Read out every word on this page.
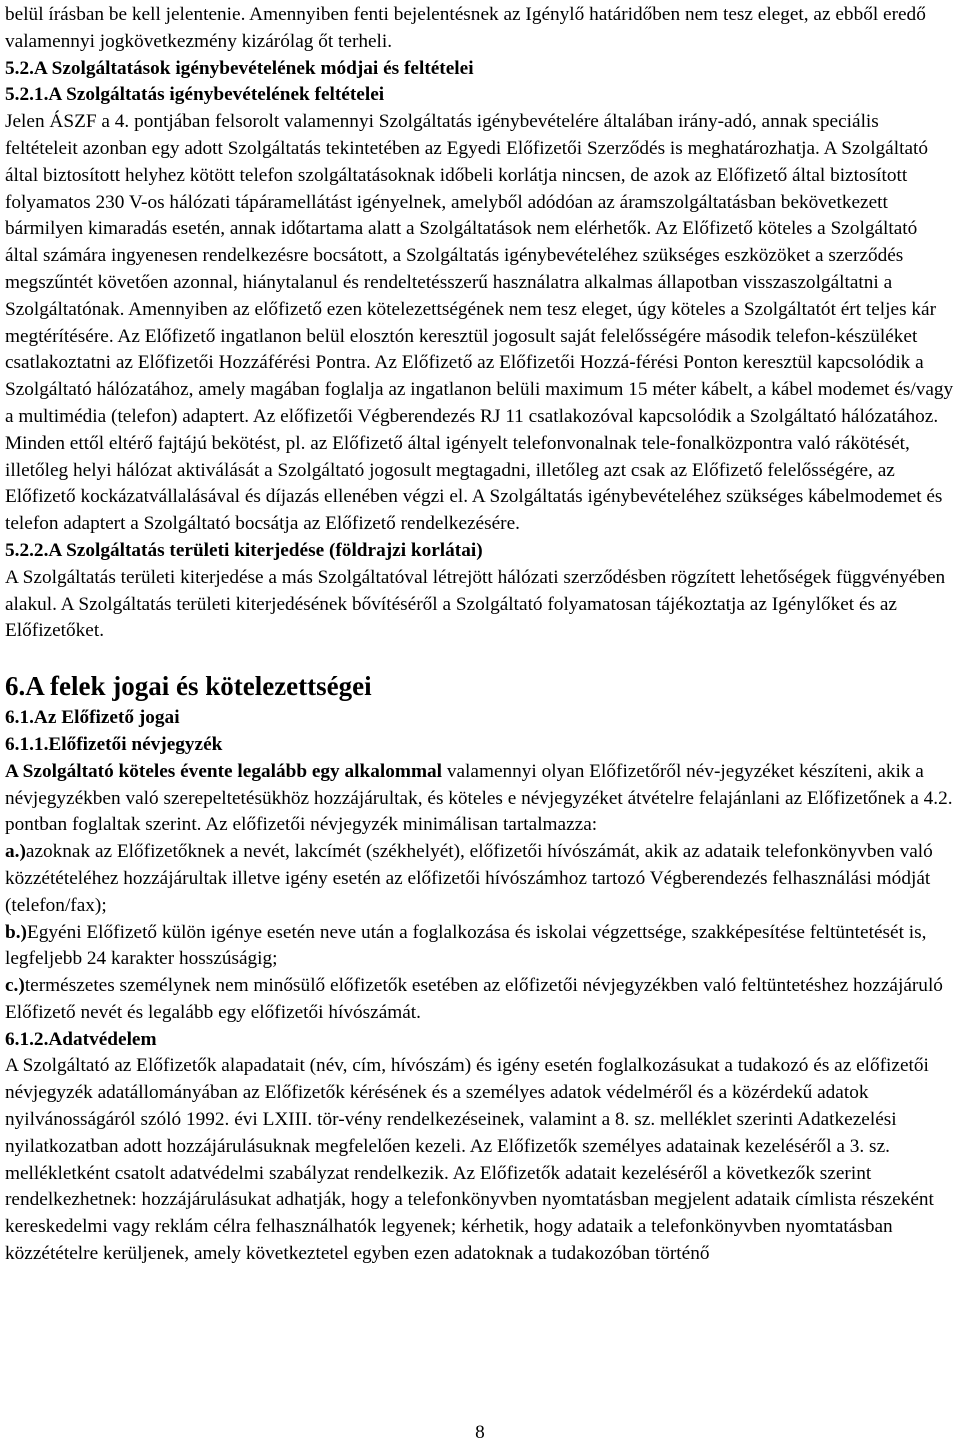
belül írásban be kell jelentenie. Amennyiben fenti bejelentésnek az Igénylő határidőben nem tesz eleget, az ebből eredő valamennyi jogkövetkezmény kizárólag őt terheli.

5.2.A Szolgáltatások igénybevételének módjai és feltételei

5.2.1.A Szolgáltatás igénybevételének feltételei

Jelen ÁSZF a 4. pontjában felsorolt valamennyi Szolgáltatás igénybevételére általában irány-adó, annak speciális feltételeit azonban egy adott Szolgáltatás tekintetében az Egyedi Előfizetői Szerződés is meghatározhatja. A Szolgáltató által biztosított helyhez kötött telefon szolgáltatásoknak időbeli korlátja nincsen, de azok az Előfizető által biztosított folyamatos 230 V-os hálózati tápáramellátást igényelnek, amelyből adódóan az áramszolgáltatásban bekövetkezett bármilyen kimaradás esetén, annak időtartama alatt a Szolgáltatások nem elérhetők. Az Előfizető köteles a Szolgáltató által számára ingyenesen rendelkezésre bocsátott, a Szolgáltatás igénybevételéhez szükséges eszközöket a szerződés megszűntét követően azonnal, hiánytalanul és rendeltetésszerű használatra alkalmas állapotban visszaszolgáltatni a Szolgáltatónak. Amennyiben az előfizető ezen kötelezettségének nem tesz eleget, úgy köteles a Szolgáltatót ért teljes kár megtérítésére. Az Előfizető ingatlanon belül elosztón keresztül jogosult saját felelősségére második telefon-készüléket csatlakoztatni az Előfizetői Hozzáférési Pontra. Az Előfizető az Előfizetői Hozzá-férési Ponton keresztül kapcsolódik a Szolgáltató hálózatához, amely magában foglalja az ingatlanon belüli maximum 15 méter kábelt, a kábel modemet és/vagy a multimédia (telefon) adaptert. Az előfizetői Végberendezés RJ 11 csatlakozóval kapcsolódik a Szolgáltató hálózatához. Minden ettől eltérő fajtájú bekötést, pl. az Előfizető által igényelt telefonvonalnak tele-fonalközpontra való rákötését, illetőleg helyi hálózat aktiválását a Szolgáltató jogosult megtagadni, illetőleg azt csak az Előfizető felelősségére, az Előfizető kockázatvállalásával és díjazás ellenében végzi el. A Szolgáltatás igénybevételéhez szükséges kábelmodemet és telefon adaptert a Szolgáltató bocsátja az Előfizető rendelkezésére.

5.2.2.A Szolgáltatás területi kiterjedése (földrajzi korlátai)

A Szolgáltatás területi kiterjedése a más Szolgáltatóval létrejött hálózati szerződésben rögzített lehetőségek függvényében alakul. A Szolgáltatás területi kiterjedésének bővítéséről a Szolgáltató folyamatosan tájékoztatja az Igénylőket és az Előfizetőket.

6.A felek jogai és kötelezettségei

6.1.Az Előfizető jogai

6.1.1.Előfizetői névjegyzék

A Szolgáltató köteles évente legalább egy alkalommal valamennyi olyan Előfizetőről név-jegyzéket készíteni, akik a névjegyzékben való szerepeltetésükhöz hozzájárultak, és köteles e névjegyzéket átvételre felajánlani az Előfizetőnek a 4.2. pontban foglaltak szerint. Az előfizetői névjegyzék minimálisan tartalmazza:

a.)azoknak az Előfizetőknek a nevét, lakcímét (székhelyét), előfizetői hívószámát, akik az adataik telefonkönyvben való közzétételéhez hozzájárultak illetve igény esetén az előfizetői hívószámhoz tartozó Végberendezés felhasználási módját (telefon/fax);

b.)Egyéni Előfizető külön igénye esetén neve után a foglalkozása és iskolai végzettsége, szakképesítése feltüntetését is, legfeljebb 24 karakter hosszúságig;

c.)természetes személynek nem minősülő előfizetők esetében az előfizetői névjegyzékben való feltüntetéshez hozzájáruló Előfizető nevét és legalább egy előfizetői hívószámát.

6.1.2.Adatvédelem

A Szolgáltató az Előfizetők alapadatait (név, cím, hívószám) és igény esetén foglalkozásukat a tudakozó és az előfizetői névjegyzék adatállományában az Előfizetők kérésének és a személyes adatok védelméről és a közérdekű adatok nyilvánosságáról szóló 1992. évi LXIII. tör-vény rendelkezéseinek, valamint a 8. sz. melléklet szerinti Adatkezelési nyilatkozatban adott hozzájárulásuknak megfelelően kezeli. Az Előfizetők személyes adatainak kezeléséről a 3. sz. mellékletként csatolt adatvédelmi szabályzat rendelkezik. Az Előfizetők adatait kezeléséről a következők szerint rendelkezhetnek: hozzájárulásukat adhatják, hogy a telefonkönyvben nyomtatásban megjelent adataik címlista részeként kereskedelmi vagy reklám célra felhasználhatók legyenek; kérhetik, hogy adataik a telefonkönyvben nyomtatásban közzétételre kerüljenek, amely következtetel egyben ezen adatoknak a tudakozóban történő

8
